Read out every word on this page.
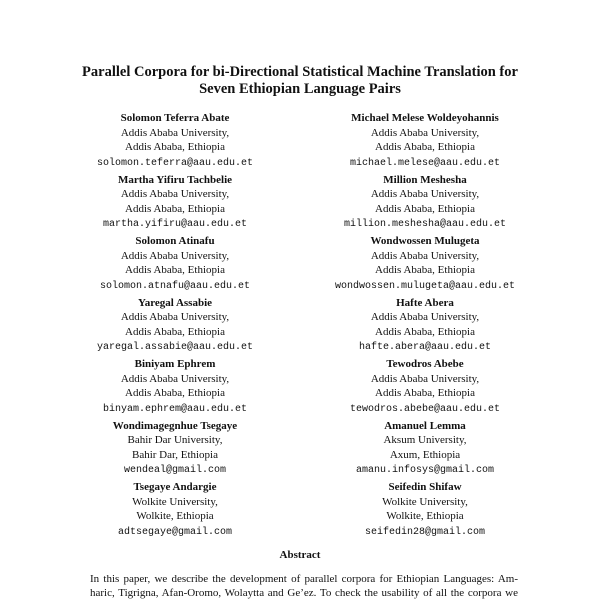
Parallel Corpora for bi-Directional Statistical Machine Translation for
Seven Ethiopian Language Pairs
Solomon Teferra Abate
Addis Ababa University,
Addis Ababa, Ethiopia
solomon.teferra@aau.edu.et
Martha Yifiru Tachbelie
Addis Ababa University,
Addis Ababa, Ethiopia
martha.yifiru@aau.edu.et
Solomon Atinafu
Addis Ababa University,
Addis Ababa, Ethiopia
solomon.atnafu@aau.edu.et
Yaregal Assabie
Addis Ababa University,
Addis Ababa, Ethiopia
yaregal.assabie@aau.edu.et
Biniyam Ephrem
Addis Ababa University,
Addis Ababa, Ethiopia
binyam.ephrem@aau.edu.et
Wondimagegnhue Tsegaye
Bahir Dar University,
Bahir Dar, Ethiopia
wendeal@gmail.com
Tsegaye Andargie
Wolkite University,
Wolkite, Ethiopia
adtsegaye@gmail.com
Michael Melese Woldeyohannis
Addis Ababa University,
Addis Ababa, Ethiopia
michael.melese@aau.edu.et
Million Meshesha
Addis Ababa University,
Addis Ababa, Ethiopia
million.meshesha@aau.edu.et
Wondwossen Mulugeta
Addis Ababa University,
Addis Ababa, Ethiopia
wondwossen.mulugeta@aau.edu.et
Hafte Abera
Addis Ababa University,
Addis Ababa, Ethiopia
hafte.abera@aau.edu.et
Tewodros Abebe
Addis Ababa University,
Addis Ababa, Ethiopia
tewodros.abebe@aau.edu.et
Amanuel Lemma
Aksum University,
Axum, Ethiopia
amanu.infosys@gmail.com
Seifedin Shifaw
Wolkite University,
Wolkite, Ethiopia
seifedin28@gmail.com
Abstract
In this paper, we describe the development of parallel corpora for Ethiopian Languages: Am-
haric, Tigrigna, Afan-Oromo, Wolaytta and Ge’ez. To check the usability of all the corpora we
